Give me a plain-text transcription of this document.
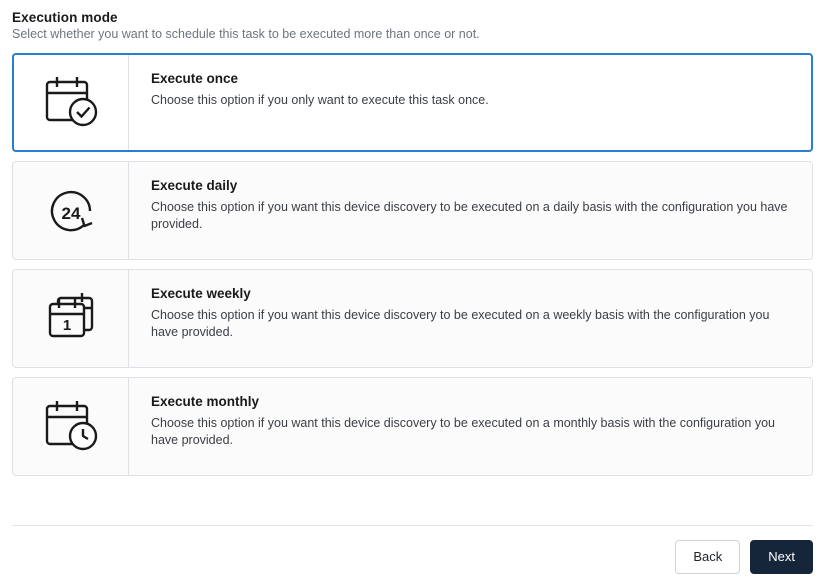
Execution mode
Select whether you want to schedule this task to be executed more than once or not.
Execute once
Choose this option if you only want to execute this task once.
24
Execute daily
Choose this option if you want this device discovery to be executed on a daily basis with the configuration you have provided.
1
Execute weekly
Choose this option if you want this device discovery to be executed on a weekly basis with the configuration you have provided.
Execute monthly
Choose this option if you want this device discovery to be executed on a monthly basis with the configuration you have provided.
Back	Next
